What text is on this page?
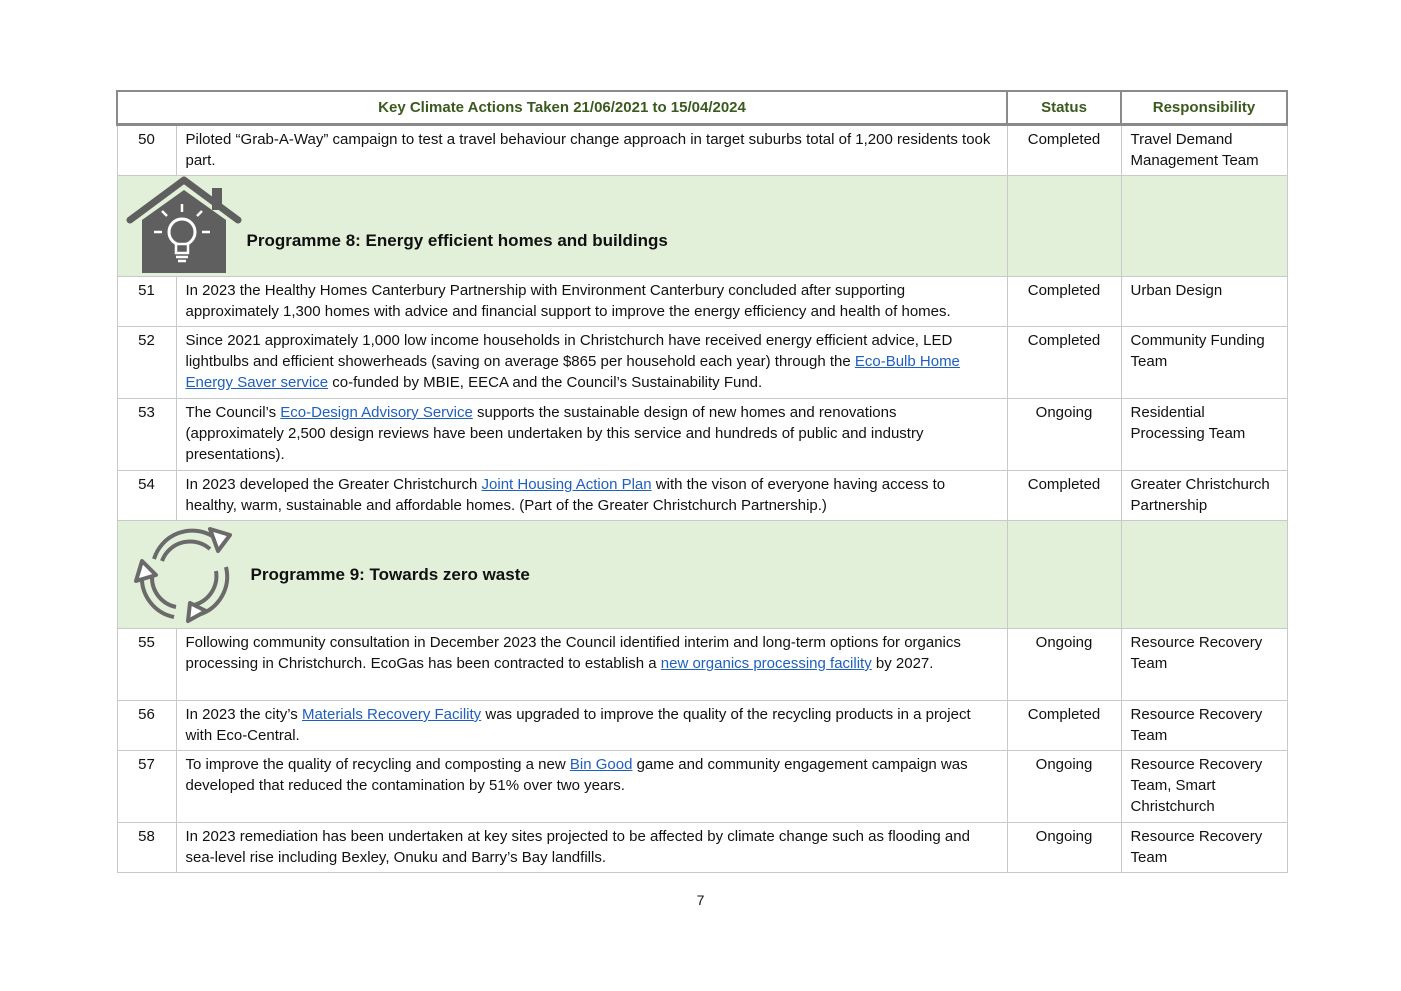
Key Climate Actions Taken 21/06/2021 to 15/04/2024		Status	Responsibility
50	Piloted “Grab-A-Way” campaign to test a travel behaviour change approach in target suburbs total of 1,200 residents took part.	Completed	Travel Demand Management Team

Programme 8: Energy efficient homes and buildings			

51	In 2023 the Healthy Homes Canterbury Partnership with Environment Canterbury concluded after supporting approximately 1,300 homes with advice and financial support to improve the energy efficiency and health of homes.	Completed	Urban Design
52	Since 2021 approximately 1,000 low income households in Christchurch have received energy efficient advice, LED lightbulbs and efficient showerheads (saving on average $865 per household each year) through the Eco-Bulb Home Energy Saver service co-funded by MBIE, EECA and the Council’s Sustainability Fund.	Completed	Community Funding Team
53	The Council’s Eco-Design Advisory Service supports the sustainable design of new homes and renovations (approximately 2,500 design reviews have been undertaken by this service and hundreds of public and industry presentations).	Ongoing	Residential Processing Team
54	In 2023 developed the Greater Christchurch Joint Housing Action Plan with the vison of everyone having access to healthy, warm, sustainable and affordable homes. (Part of the Greater Christchurch Partnership.)	Completed	Greater Christchurch Partnership

Programme 9: Towards zero waste			

55	Following community consultation in December 2023 the Council identified interim and long-term options for organics processing in Christchurch. EcoGas has been contracted to establish a new organics processing facility by 2027.	Ongoing	Resource Recovery Team
56	In 2023 the city’s Materials Recovery Facility was upgraded to improve the quality of the recycling products in a project with Eco-Central.	Completed	Resource Recovery Team
57	To improve the quality of recycling and composting a new Bin Good game and community engagement campaign was developed that reduced the contamination by 51% over two years.	Ongoing	Resource Recovery Team, Smart Christchurch
58	In 2023 remediation has been undertaken at key sites projected to be affected by climate change such as flooding and sea-level rise including Bexley, Onuku and Barry’s Bay landfills.	Ongoing	Resource Recovery Team
7
